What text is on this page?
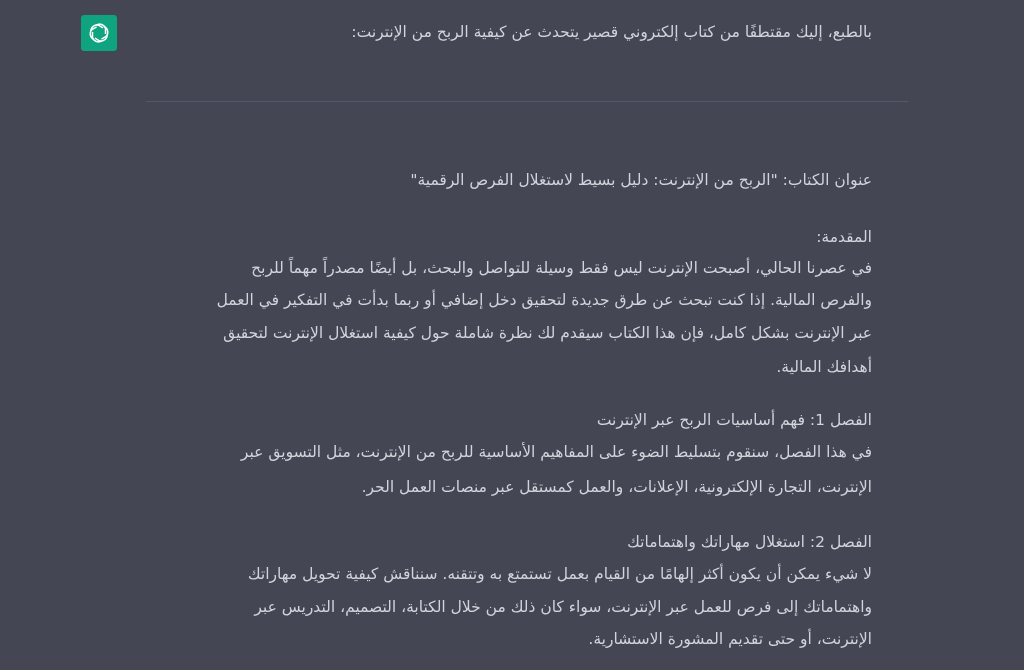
بالطبع، إليك مقتطفًا من كتاب إلكتروني قصير يتحدث عن كيفية الربح من الإنترنت:
عنوان الكتاب: "الربح من الإنترنت: دليل بسيط لاستغلال الفرص الرقمية"
المقدمة:
في عصرنا الحالي، أصبحت الإنترنت ليس فقط وسيلة للتواصل والبحث، بل أيضًا مصدراً مهماً للربح
والفرص المالية. إذا كنت تبحث عن طرق جديدة لتحقيق دخل إضافي أو ربما بدأت في التفكير في العمل
عبر الإنترنت بشكل كامل، فإن هذا الكتاب سيقدم لك نظرة شاملة حول كيفية استغلال الإنترنت لتحقيق
أهدافك المالية.
الفصل 1: فهم أساسيات الربح عبر الإنترنت
في هذا الفصل، سنقوم بتسليط الضوء على المفاهيم الأساسية للربح من الإنترنت، مثل التسويق عبر
الإنترنت، التجارة الإلكترونية، الإعلانات، والعمل كمستقل عبر منصات العمل الحر.
الفصل 2: استغلال مهاراتك واهتماماتك
لا شيء يمكن أن يكون أكثر إلهامًا من القيام بعمل تستمتع به وتتقنه. سنناقش كيفية تحويل مهاراتك
واهتماماتك إلى فرص للعمل عبر الإنترنت، سواء كان ذلك من خلال الكتابة، التصميم، التدريس عبر
الإنترنت، أو حتى تقديم المشورة الاستشارية.
